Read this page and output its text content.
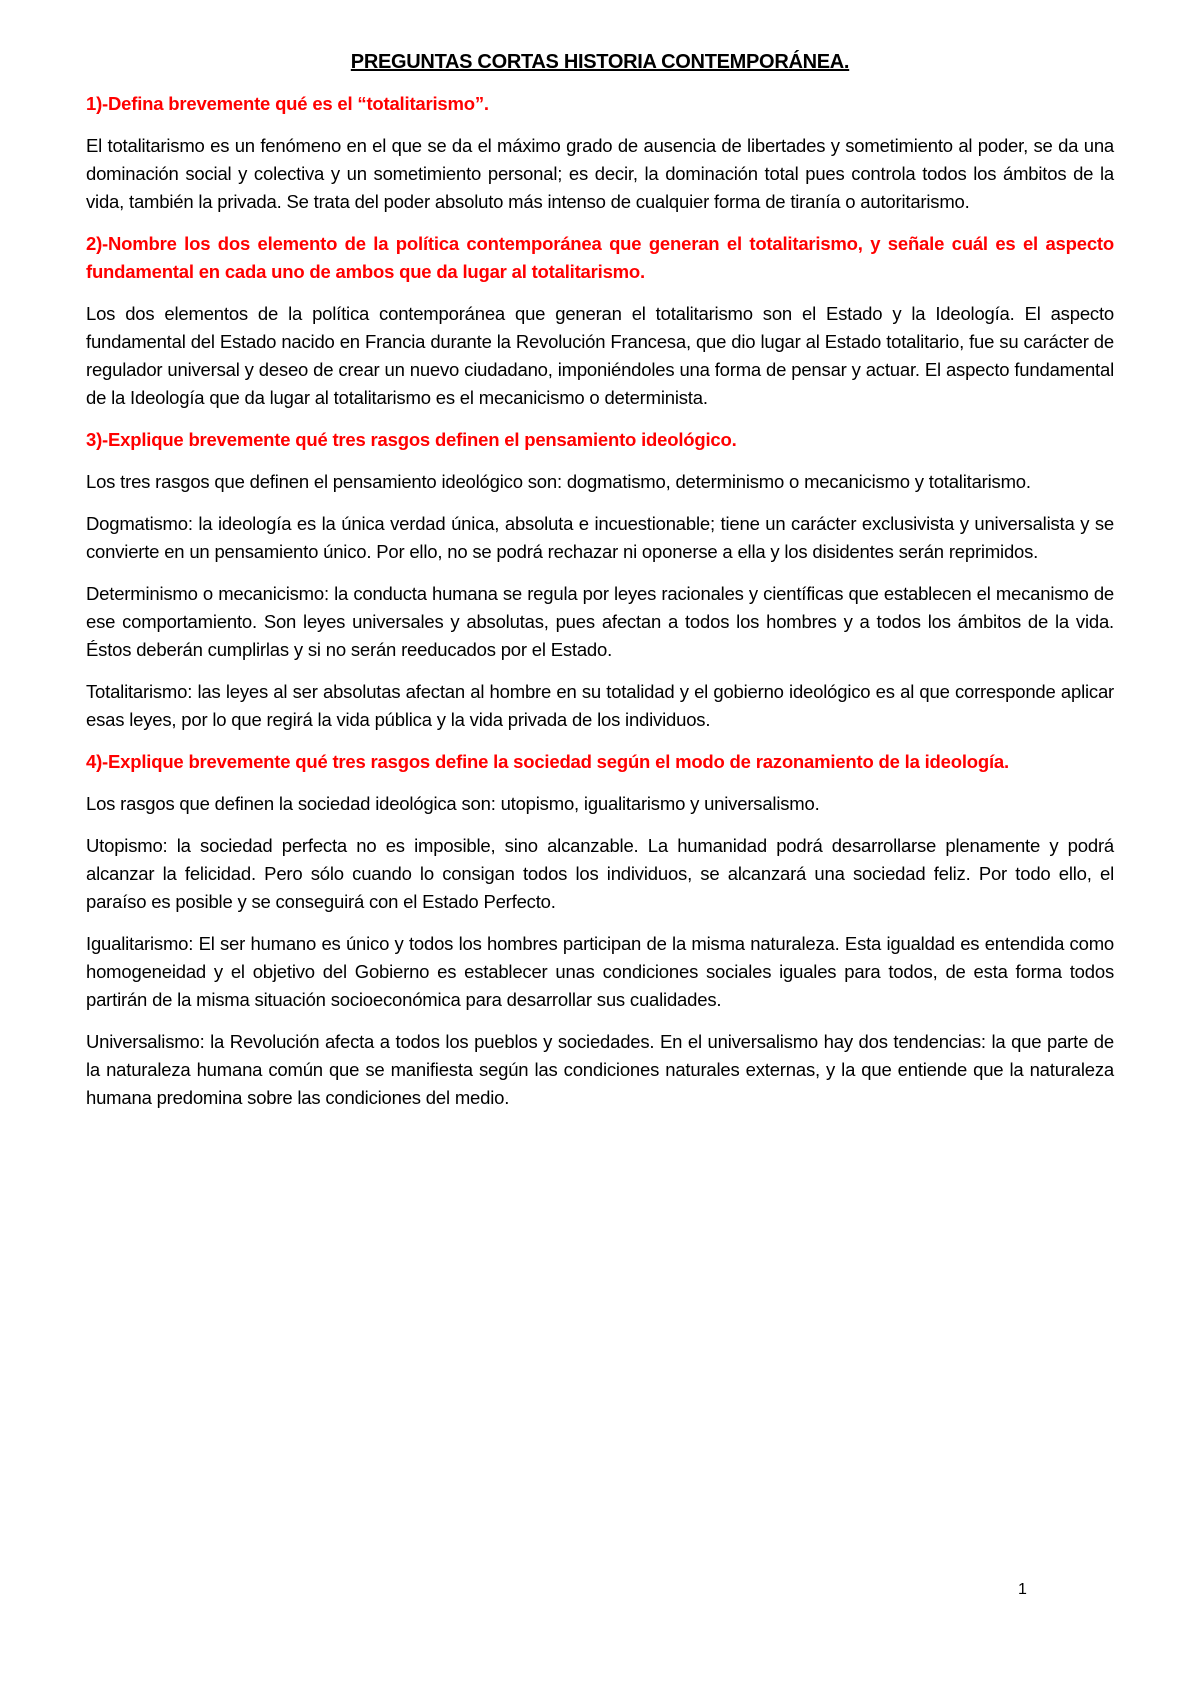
PREGUNTAS CORTAS HISTORIA CONTEMPORÁNEA.
1)-Defina brevemente qué es el “totalitarismo”.
El totalitarismo es un fenómeno en el que se da el máximo grado de ausencia de libertades y sometimiento al poder, se da una dominación social y colectiva y un sometimiento personal; es decir, la dominación total pues controla todos los ámbitos de la vida, también la privada. Se trata del poder absoluto más intenso de cualquier forma de tiranía o autoritarismo.
2)-Nombre los dos elemento de la política contemporánea que generan el totalitarismo, y señale cuál es el aspecto fundamental en cada uno de ambos que da lugar al totalitarismo.
Los dos elementos de la política contemporánea que generan el totalitarismo son el Estado y la Ideología. El aspecto fundamental del Estado nacido en Francia durante la Revolución Francesa, que dio lugar al Estado totalitario, fue su carácter de regulador universal y deseo de crear un nuevo ciudadano, imponiéndoles una forma de pensar y actuar. El aspecto fundamental de la Ideología que da lugar al totalitarismo es el mecanicismo o determinista.
3)-Explique brevemente qué tres rasgos definen el pensamiento ideológico.
Los tres rasgos que definen el pensamiento ideológico son: dogmatismo, determinismo o mecanicismo y totalitarismo.
Dogmatismo: la ideología es la única verdad única, absoluta e incuestionable; tiene un carácter exclusivista y universalista y se convierte en un pensamiento único. Por ello, no se podrá rechazar ni oponerse a ella y los disidentes serán reprimidos.
Determinismo o mecanicismo: la conducta humana se regula por leyes racionales y científicas que establecen el mecanismo de ese comportamiento. Son leyes universales y absolutas, pues afectan a todos los hombres y a todos los ámbitos de la vida. Éstos deberán cumplirlas y si no serán reeducados por el Estado.
Totalitarismo: las leyes al ser absolutas afectan al hombre en su totalidad y el gobierno ideológico es al que corresponde aplicar esas leyes, por lo que regirá la vida pública y la vida privada de los individuos.
4)-Explique brevemente qué tres rasgos define la sociedad según el modo de razonamiento de la ideología.
Los rasgos que definen la sociedad ideológica son: utopismo, igualitarismo y universalismo.
Utopismo: la sociedad perfecta no es imposible, sino alcanzable. La humanidad podrá desarrollarse plenamente y podrá alcanzar la felicidad. Pero sólo cuando lo consigan todos los individuos, se alcanzará una sociedad feliz. Por todo ello, el paraíso es posible y se conseguirá con el Estado Perfecto.
Igualitarismo: El ser humano es único y todos los hombres participan de la misma naturaleza. Esta igualdad es entendida como homogeneidad y el objetivo del Gobierno es establecer unas condiciones sociales iguales para todos, de esta forma todos partirán de la misma situación socioeconómica para desarrollar sus cualidades.
Universalismo: la Revolución afecta a todos los pueblos y sociedades. En el universalismo hay dos tendencias: la que parte de la naturaleza humana común que se manifiesta según las condiciones naturales externas, y la que entiende que la naturaleza humana predomina sobre las condiciones del medio.
1
